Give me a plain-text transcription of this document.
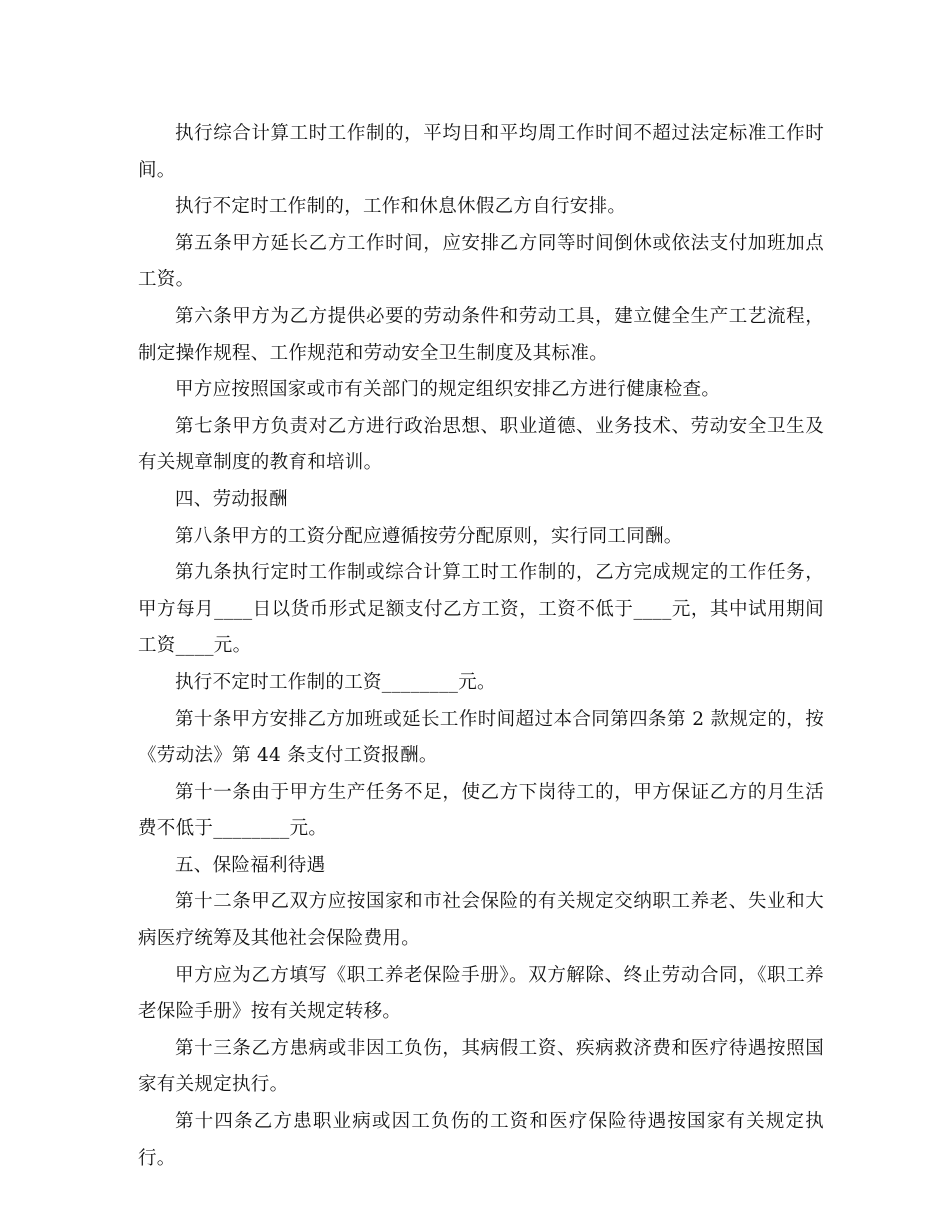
执行综合计算工时工作制的，平均日和平均周工作时间不超过法定标准工作时间。

执行不定时工作制的，工作和休息休假乙方自行安排。

第五条甲方延长乙方工作时间，应安排乙方同等时间倒休或依法支付加班加点工资。

第六条甲方为乙方提供必要的劳动条件和劳动工具，建立健全生产工艺流程，制定操作规程、工作规范和劳动安全卫生制度及其标准。

甲方应按照国家或市有关部门的规定组织安排乙方进行健康检查。

第七条甲方负责对乙方进行政治思想、职业道德、业务技术、劳动安全卫生及有关规章制度的教育和培训。

四、劳动报酬

第八条甲方的工资分配应遵循按劳分配原则，实行同工同酬。

第九条执行定时工作制或综合计算工时工作制的，乙方完成规定的工作任务，甲方每月____日以货币形式足额支付乙方工资，工资不低于____元，其中试用期间工资____元。

执行不定时工作制的工资________元。

第十条甲方安排乙方加班或延长工作时间超过本合同第四条第 2 款规定的，按《劳动法》第 44 条支付工资报酬。

第十一条由于甲方生产任务不足，使乙方下岗待工的，甲方保证乙方的月生活费不低于________元。

五、保险福利待遇

第十二条甲乙双方应按国家和市社会保险的有关规定交纳职工养老、失业和大病医疗统筹及其他社会保险费用。

甲方应为乙方填写《职工养老保险手册》。双方解除、终止劳动合同，《职工养老保险手册》按有关规定转移。

第十三条乙方患病或非因工负伤，其病假工资、疾病救济费和医疗待遇按照国家有关规定执行。

第十四条乙方患职业病或因工负伤的工资和医疗保险待遇按国家有关规定执行。
